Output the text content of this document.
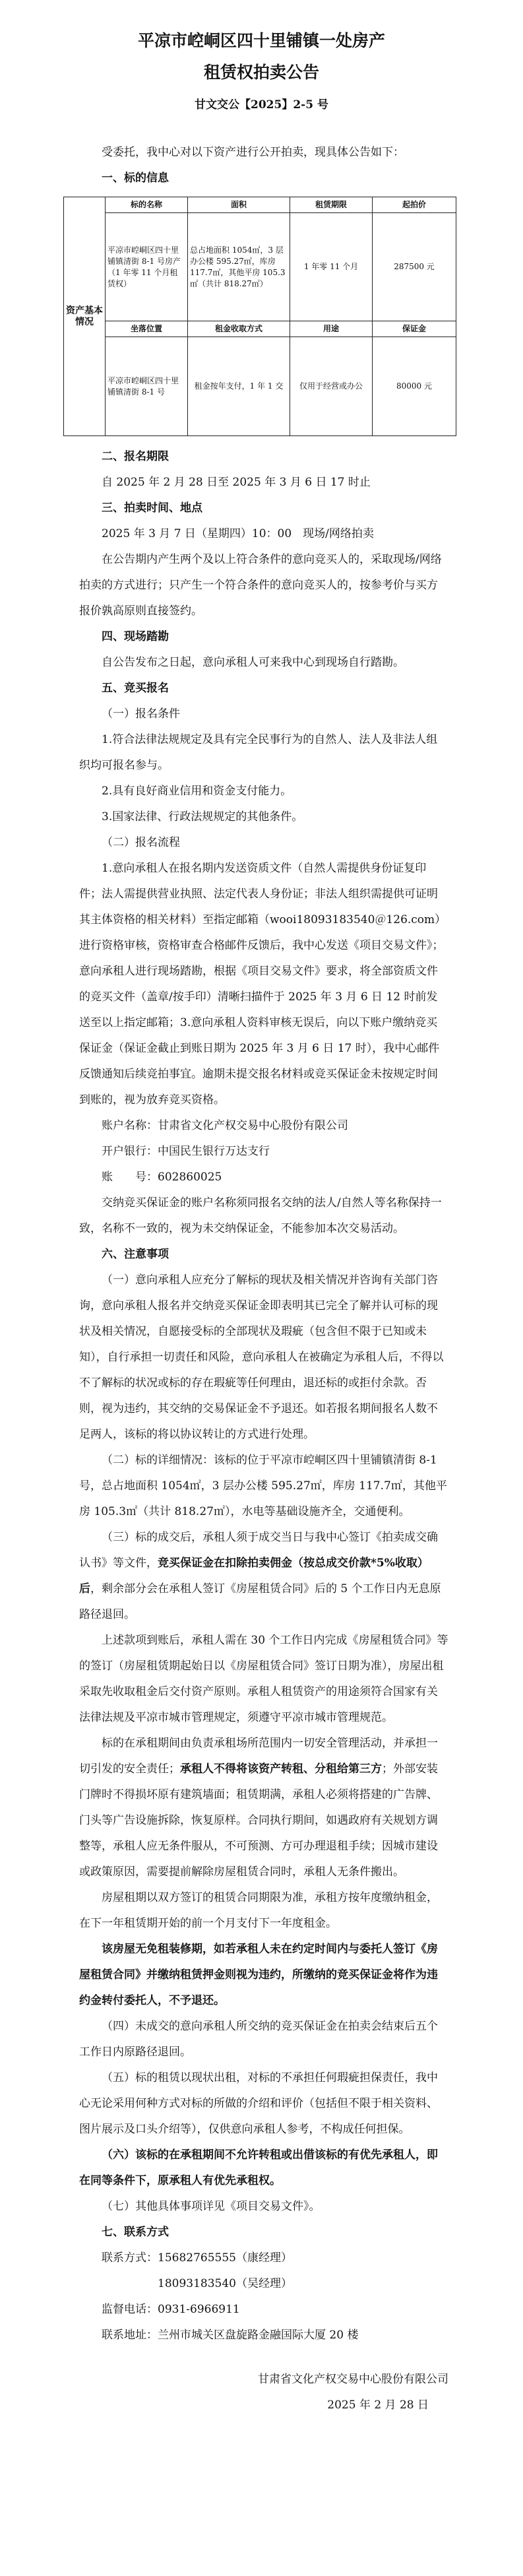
平凉市崆峒区四十里铺镇一处房产
租赁权拍卖公告
甘文交公【2025】2-5 号

受委托，我中心对以下资产进行公开拍卖，现具体公告如下：

一、标的信息

资产基本情况	标的名称	面积	租赁期限	起拍价
	平凉市崆峒区四十里铺镇清街 8-1 号房产（1 年零 11 个月租赁权）	总占地面积 1054㎡，3 层办公楼 595.27㎡，库房 117.7㎡，其他平房 105.3㎡（共计 818.27㎡）	1 年零 11 个月	287500 元
	坐落位置	租金收取方式	用途	保证金
	平凉市崆峒区四十里铺镇清街 8-1 号	租金按年支付，1 年 1 交	仅用于经营或办公	80000 元

二、报名期限

自 2025 年 2 月 28 日至 2025 年 3 月 6 日 17 时止

三、拍卖时间、地点

2025 年 3 月 7 日（星期四）10：00　现场/网络拍卖

在公告期内产生两个及以上符合条件的意向竞买人的，采取现场/网络拍卖的方式进行；只产生一个符合条件的意向竞买人的，按参考价与买方报价孰高原则直接签约。

四、现场踏勘

自公告发布之日起，意向承租人可来我中心到现场自行踏勘。

五、竞买报名

（一）报名条件

1.符合法律法规规定及具有完全民事行为的自然人、法人及非法人组织均可报名参与。

2.具有良好商业信用和资金支付能力。

3.国家法律、行政法规规定的其他条件。

（二）报名流程

1.意向承租人在报名期内发送资质文件（自然人需提供身份证复印件；法人需提供营业执照、法定代表人身份证；非法人组织需提供可证明其主体资格的相关材料）至指定邮箱（wooi18093183540＠126.com）进行资格审核，资格审查合格邮件反馈后，我中心发送《项目交易文件》；意向承租人进行现场踏勘，根据《项目交易文件》要求，将全部资质文件的竞买文件（盖章/按手印）清晰扫描件于 2025 年 3 月 6 日 12 时前发送至以上指定邮箱；3.意向承租人资料审核无误后，向以下账户缴纳竞买保证金（保证金截止到账日期为 2025 年 3 月 6 日 17 时），我中心邮件反馈通知后续竞拍事宜。逾期未提交报名材料或竞买保证金未按规定时间到账的，视为放弃竞买资格。

账户名称：甘肃省文化产权交易中心股份有限公司

开户银行：中国民生银行万达支行

账　　号：602860025

交纳竞买保证金的账户名称须同报名交纳的法人/自然人等名称保持一致，名称不一致的，视为未交纳保证金，不能参加本次交易活动。

六、注意事项

（一）意向承租人应充分了解标的现状及相关情况并咨询有关部门咨询，意向承租人报名并交纳竞买保证金即表明其已完全了解并认可标的现状及相关情况，自愿接受标的全部现状及瑕疵（包含但不限于已知或未知），自行承担一切责任和风险，意向承租人在被确定为承租人后，不得以不了解标的状况或标的存在瑕疵等任何理由，退还标的或拒付余款。否则，视为违约，其交纳的交易保证金不予退还。如若报名期间报名人数不足两人，该标的将以协议转让的方式进行处理。

（二）标的详细情况：该标的位于平凉市崆峒区四十里铺镇清街 8-1 号，总占地面积 1054㎡，3 层办公楼 595.27㎡，库房 117.7㎡，其他平房 105.3㎡（共计 818.27㎡），水电等基础设施齐全，交通便利。

（三）标的成交后，承租人须于成交当日与我中心签订《拍卖成交确认书》等文件，竞买保证金在扣除拍卖佣金（按总成交价款*5%收取）后，剩余部分会在承租人签订《房屋租赁合同》后的 5 个工作日内无息原路径退回。

上述款项到账后，承租人需在 30 个工作日内完成《房屋租赁合同》等的签订（房屋租赁期起始日以《房屋租赁合同》签订日期为准），房屋出租采取先收取租金后交付资产原则。承租人租赁资产的用途须符合国家有关法律法规及平凉市城市管理规定，须遵守平凉市城市管理规范。

标的在承租期间由负责承租场所范围内一切安全管理活动，并承担一切引发的安全责任；承租人不得将该资产转租、分租给第三方；外部安装门牌时不得损坏原有建筑墙面；租赁期满，承租人必须将搭建的广告牌、门头等广告设施拆除，恢复原样。合同执行期间，如遇政府有关规划方调整等，承租人应无条件服从，不可预测、方可办理退租手续；因城市建设或政策原因，需要提前解除房屋租赁合同时，承租人无条件搬出。

房屋租期以双方签订的租赁合同期限为准，承租方按年度缴纳租金，在下一年租赁期开始的前一个月支付下一年度租金。

该房屋无免租装修期，如若承租人未在约定时间内与委托人签订《房屋租赁合同》并缴纳租赁押金则视为违约，所缴纳的竞买保证金将作为违约金转付委托人，不予退还。

（四）未成交的意向承租人所交纳的竞买保证金在拍卖会结束后五个工作日内原路径退回。

（五）标的租赁以现状出租，对标的不承担任何瑕疵担保责任，我中心无论采用何种方式对标的所做的介绍和评价（包括但不限于相关资料、图片展示及口头介绍等），仅供意向承租人参考，不构成任何担保。

（六）该标的在承租期间不允许转租或出借该标的有优先承租人，即在同等条件下，原承租人有优先承租权。

（七）其他具体事项详见《项目交易文件》。

七、联系方式

联系方式：15682765555（康经理）

18093183540（吴经理）

监督电话：0931-6966911

联系地址：兰州市城关区盘旋路金融国际大厦 20 楼

甘肃省文化产权交易中心股份有限公司

2025 年 2 月 28 日
